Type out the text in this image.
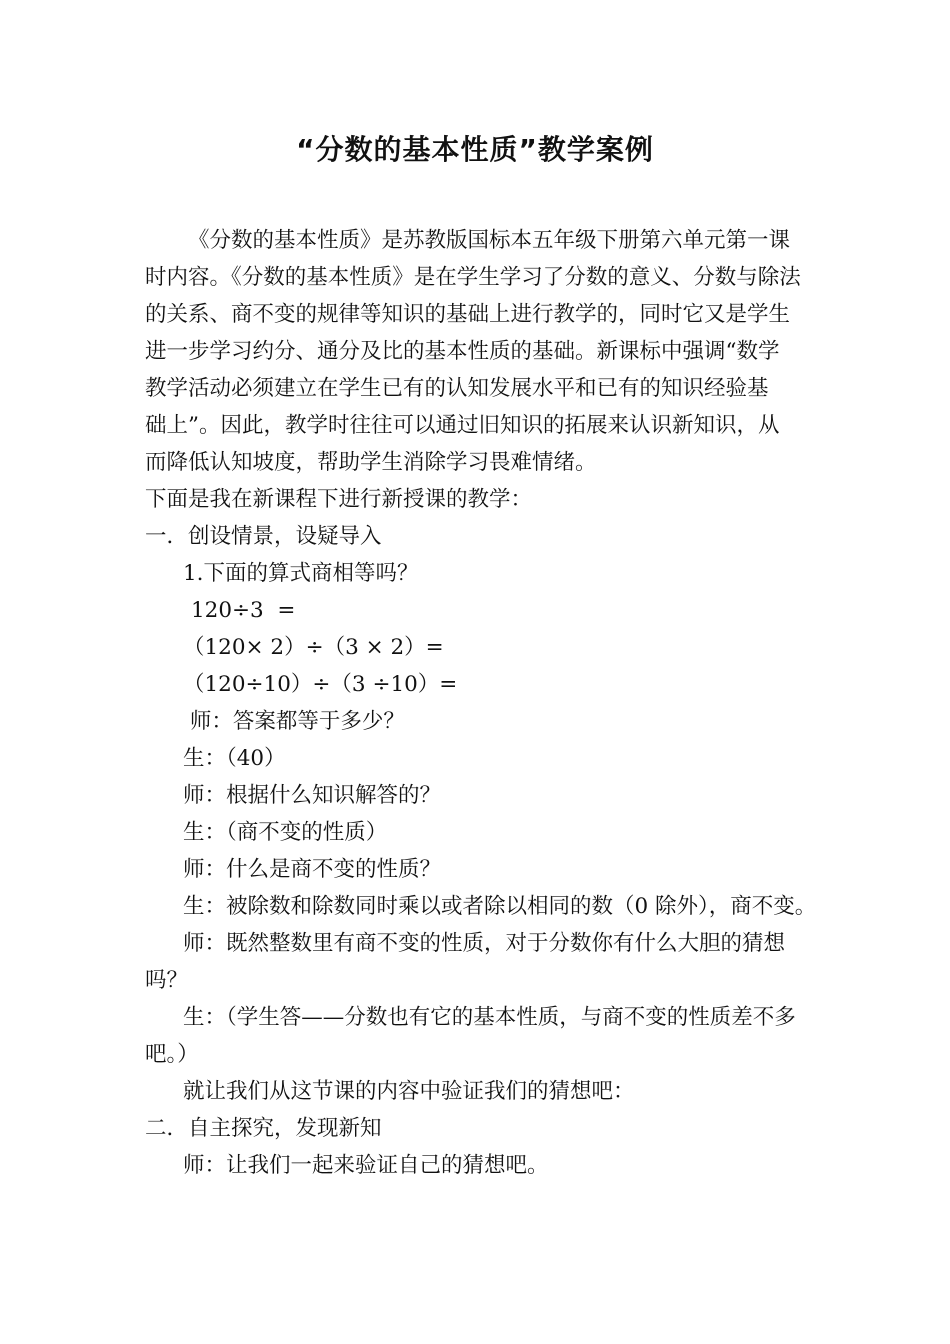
“分数的基本性质”教学案例

《分数的基本性质》是苏教版国标本五年级下册第六单元第一课

时内容。《分数的基本性质》是在学生学习了分数的意义、分数与除法

的关系、商不变的规律等知识的基础上进行教学的，同时它又是学生

进一步学习约分、通分及比的基本性质的基础。新课标中强调“数学

教学活动必须建立在学生已有的认知发展水平和已有的知识经验基

础上”。因此，教学时往往可以通过旧知识的拓展来认识新知识，从

而降低认知坡度，帮助学生消除学习畏难情绪。

下面是我在新课程下进行新授课的教学：

一．创设情景，设疑导入

1.下面的算式商相等吗？

120÷3  =

（120× 2）÷（3 × 2）=

（120÷10）÷（3 ÷10）=

师：答案都等于多少？

生：（40）

师：根据什么知识解答的？

生：（商不变的性质）

师：什么是商不变的性质？

生：被除数和除数同时乘以或者除以相同的数（0 除外），商不变。

师：既然整数里有商不变的性质，对于分数你有什么大胆的猜想

吗？

生：（学生答——分数也有它的基本性质，与商不变的性质差不多

吧。）

就让我们从这节课的内容中验证我们的猜想吧：

二．自主探究，发现新知

师：让我们一起来验证自己的猜想吧。
